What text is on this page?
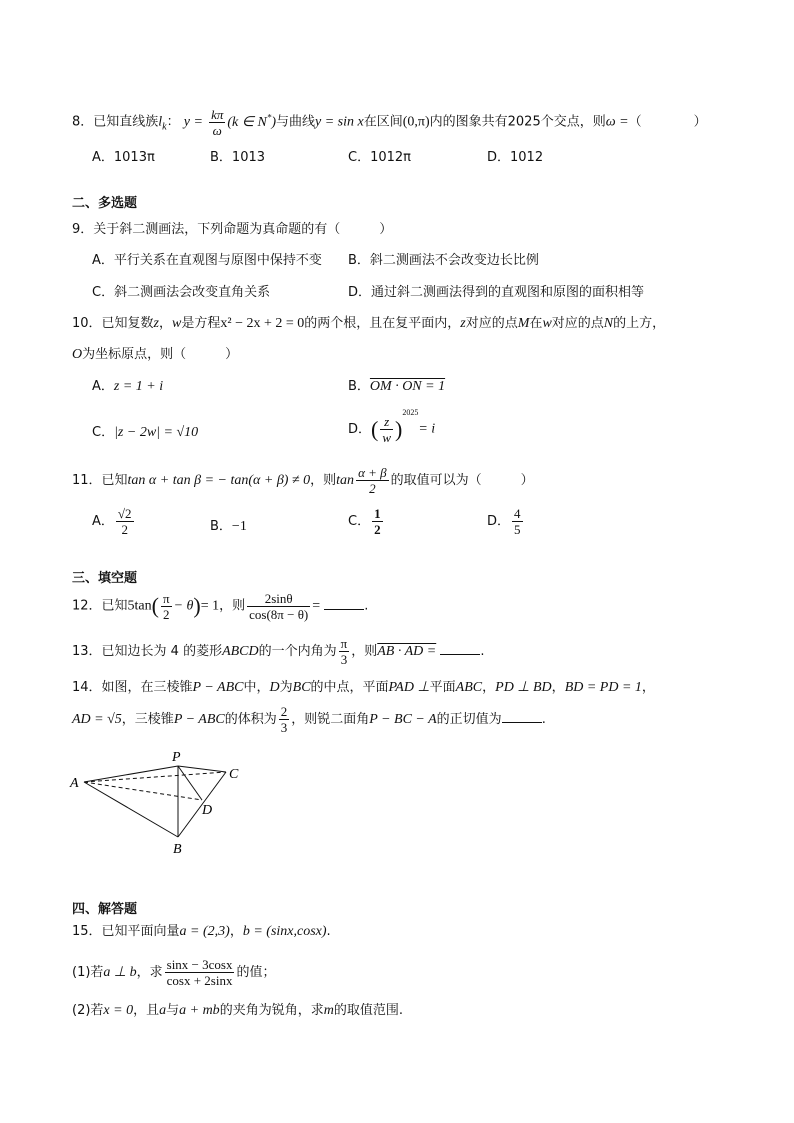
8．已知直线族$l_k$： $y = \frac{k\pi}{\omega} (k$ ∈ N*)与曲线y = sin x在区间(0,π)内的图象共有2025个交点，则ω =（　　　　）
A．1013π	B．1013	C．1012π	D．1012
二、多选题
9．关于斜二测画法，下列命题为真命题的有（　　　）
A．平行关系在直观图与原图中保持不变 B．斜二测画法不会改变边长比例
C．斜二测画法会改变直角关系	D．通过斜二测画法得到的直观图和原图的面积相等
10．已知复数z，w是方程x² − 2x + 2 = 0的两个根，且在复平面内，z对应的点M在w对应的点N的上方，
O为坐标原点，则（　　　）
A．z = 1 + i	B．OM · ON = 1
C．|z − 2w| = √10	D．( $\frac{z}{w} )^{2025}= i$
11．已知tan α + tan β = − tan(α + β) ≠ 0，则$\tan \frac{\alpha + \beta}{2}$ 的取值可以为（　　　）
A． $\frac{√2}{2}$	B．−1	C． $\frac{1}{2}$	D． $\frac{4}{5}$
三、填空题
12．已知$5\tan( \frac{\pi}{2} - \theta)= 1$，则 $\frac{2\sin\theta}{\cos(8\pi - \theta)}$ =	.
13．已知边长为 4 的菱形ABCD的一个内角为 $\frac{\pi}{3}$ ，则AB · AD =	.
14．如图，在三棱锥P − ABC中，D为BC的中点，平面PAD ⊥平面ABC，PD ⊥ BD，BD = PD = 1，
AD = √5，三棱锥P − ABC的体积为 $\frac{2}{3}$ ，则锐二面角P − BC − A的正切值为	.
A
P
C
D
B
四、解答题
15．已知平面向量a = (2,3)，b = (sinx,cosx).
(1)若a ⊥ b，求 $\frac{\sin x - 3\cos x}{\cos x + 2\sin x}$ 的值；
(2)若x = 0，且a与a + mb的夹角为锐角，求m的取值范围.
